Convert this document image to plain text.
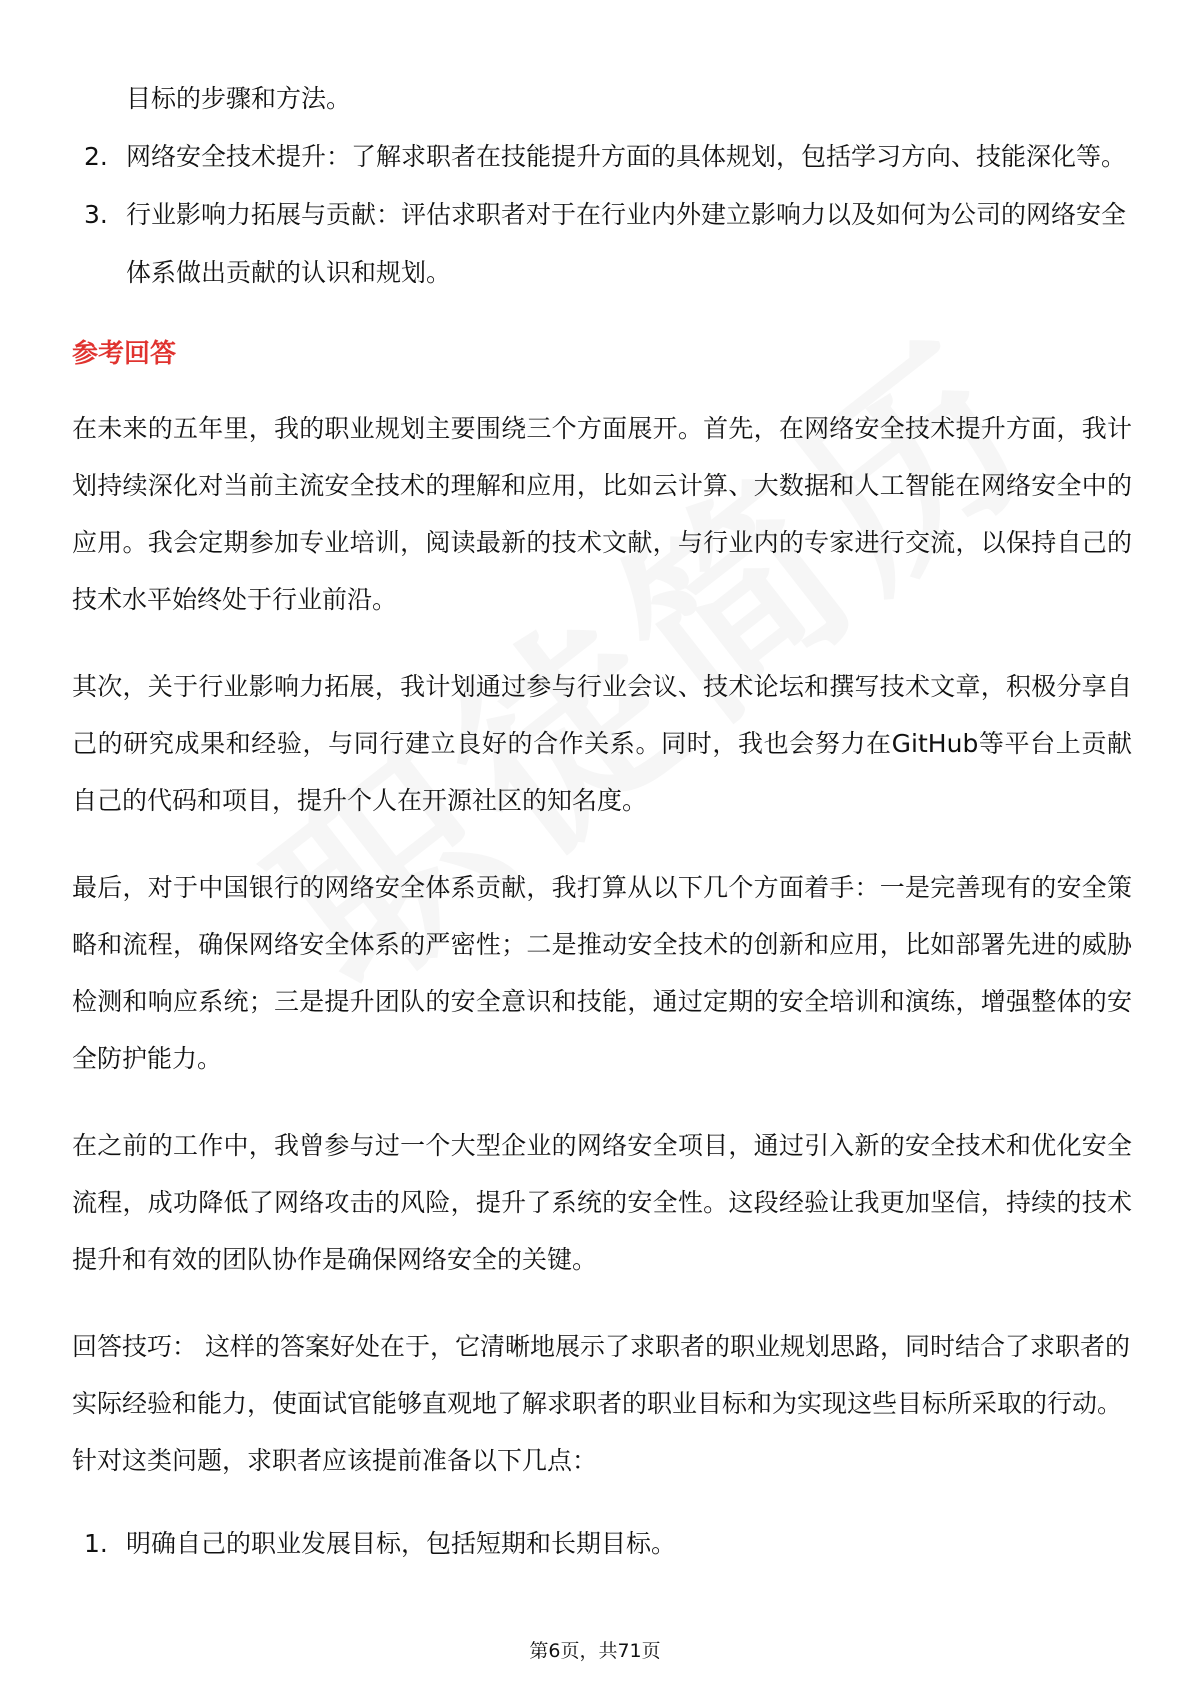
目标的步骤和方法。
2. 网络安全技术提升：了解求职者在技能提升方面的具体规划，包括学习方向、技能深化等。
3. 行业影响力拓展与贡献：评估求职者对于在行业内外建立影响力以及如何为公司的网络安全体系做出贡献的认识和规划。
参考回答

在未来的五年里，我的职业规划主要围绕三个方面展开。首先，在网络安全技术提升方面，我计划持续深化对当前主流安全技术的理解和应用，比如云计算、大数据和人工智能在网络安全中的应用。我会定期参加专业培训，阅读最新的技术文献，与行业内的专家进行交流，以保持自己的技术水平始终处于行业前沿。

其次，关于行业影响力拓展，我计划通过参与行业会议、技术论坛和撰写技术文章，积极分享自己的研究成果和经验，与同行建立良好的合作关系。同时，我也会努力在GitHub等平台上贡献自己的代码和项目，提升个人在开源社区的知名度。

最后，对于中国银行的网络安全体系贡献，我打算从以下几个方面着手：一是完善现有的安全策略和流程，确保网络安全体系的严密性；二是推动安全技术的创新和应用，比如部署先进的威胁检测和响应系统；三是提升团队的安全意识和技能，通过定期的安全培训和演练，增强整体的安全防护能力。

在之前的工作中，我曾参与过一个大型企业的网络安全项目，通过引入新的安全技术和优化安全流程，成功降低了网络攻击的风险，提升了系统的安全性。这段经验让我更加坚信，持续的技术提升和有效的团队协作是确保网络安全的关键。

回答技巧： 这样的答案好处在于，它清晰地展示了求职者的职业规划思路，同时结合了求职者的实际经验和能力，使面试官能够直观地了解求职者的职业目标和为实现这些目标所采取的行动。针对这类问题，求职者应该提前准备以下几点：

1. 明确自己的职业发展目标，包括短期和长期目标。
第6页，共71页
